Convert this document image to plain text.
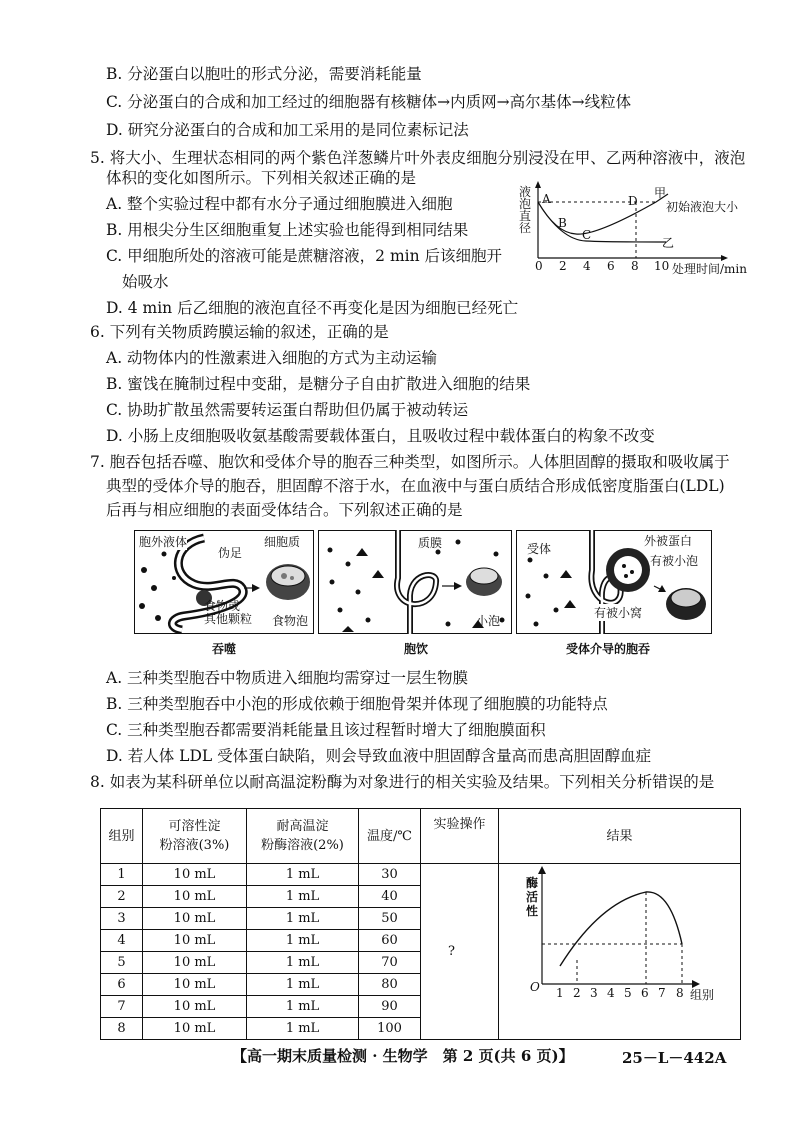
B. 分泌蛋白以胞吐的形式分泌，需要消耗能量
C. 分泌蛋白的合成和加工经过的细胞器有核糖体→内质网→高尔基体→线粒体
D. 研究分泌蛋白的合成和加工采用的是同位素标记法
5. 将大小、生理状态相同的两个紫色洋葱鳞片叶外表皮细胞分别浸没在甲、乙两种溶液中，液泡
体积的变化如图所示。下列相关叙述正确的是
A. 整个实验过程中都有水分子通过细胞膜进入细胞
B. 用根尖分生区细胞重复上述实验也能得到相同结果
C. 甲细胞所处的溶液可能是蔗糖溶液，2 min 后该细胞开
始吸水
D. 4 min 后乙细胞的液泡直径不再变化是因为细胞已经死亡
液
泡
直
径
A
B
C
D
甲
乙
初始液泡大小
0 2 4 6 8 10 处理时间/min
6. 下列有关物质跨膜运输的叙述，正确的是
A. 动物体内的性激素进入细胞的方式为主动运输
B. 蜜饯在腌制过程中变甜，是糖分子自由扩散进入细胞的结果
C. 协助扩散虽然需要转运蛋白帮助但仍属于被动转运
D. 小肠上皮细胞吸收氨基酸需要载体蛋白，且吸收过程中载体蛋白的构象不改变
7. 胞吞包括吞噬、胞饮和受体介导的胞吞三种类型，如图所示。人体胆固醇的摄取和吸收属于
典型的受体介导的胞吞，胆固醇不溶于水，在血液中与蛋白质结合形成低密度脂蛋白(LDL)
后再与相应细胞的表面受体结合。下列叙述正确的是
胞外液体
伪足
细胞质
食物或
其他颗粒 食物泡
吞噬
质膜
小泡
胞饮
受体
外被蛋白
有被小泡
有被小窝
受体介导的胞吞
A. 三种类型胞吞中物质进入细胞均需穿过一层生物膜
B. 三种类型胞吞中小泡的形成依赖于细胞骨架并体现了细胞膜的功能特点
C. 三种类型胞吞都需要消耗能量且该过程暂时增大了细胞膜面积
D. 若人体 LDL 受体蛋白缺陷，则会导致血液中胆固醇含量高而患高胆固醇血症
8. 如表为某科研单位以耐高温淀粉酶为对象进行的相关实验及结果。下列相关分析错误的是
组别	可溶性淀
粉溶液(3%)	耐高温淀
粉酶溶液(2%)	温度/℃	实验操作	结果
1	10 mL	1 mL	30	?	
2	10 mL	1 mL	40		
3	10 mL	1 mL	50		
4	10 mL	1 mL	60		
5	10 mL	1 mL	70		
6	10 mL	1 mL	80		
7	10 mL	1 mL	90		
8	10 mL	1 mL	100		
酶
活
性
O 1 2 3 4 5 6 7 8 组别
【高一期末质量检测 · 生物学　第 2 页(共 6 页)】	25－L－442A
